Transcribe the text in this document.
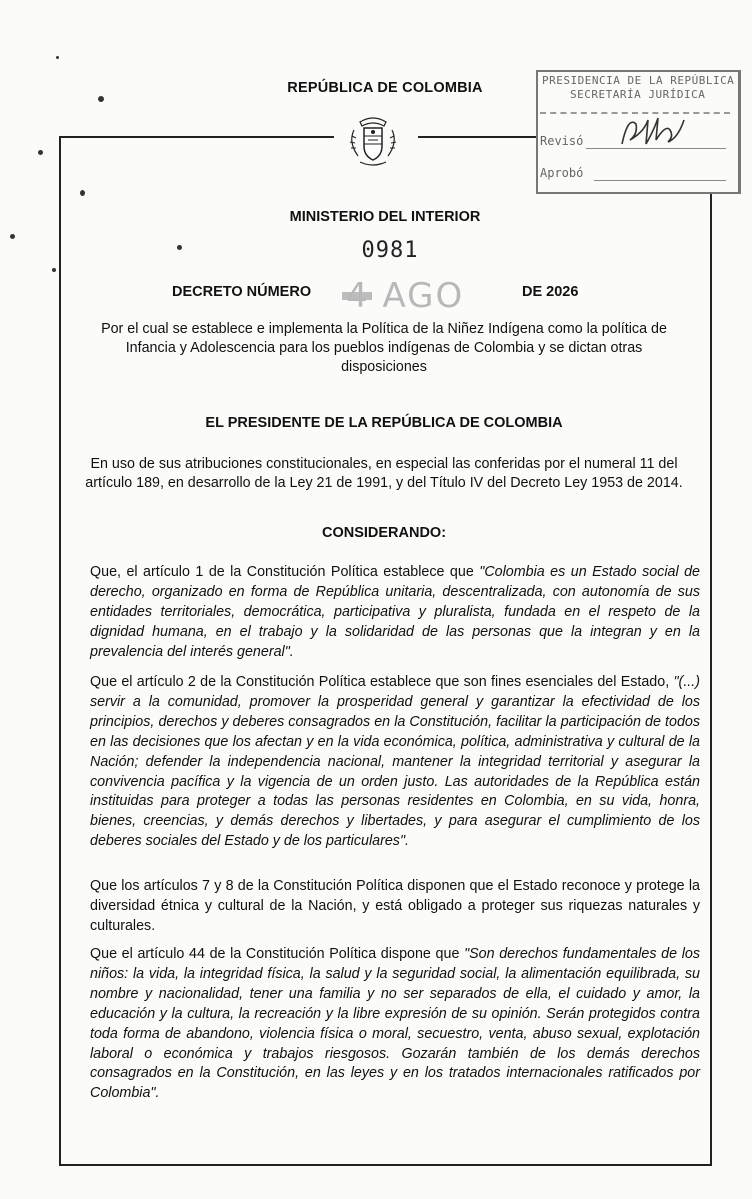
REPÚBLICA DE COLOMBIA	PRESIDENCIA DE LA REPÚBLICA
SECRETARÍA JURÍDICA
Revisó
Aprobó
MINISTERIO DEL INTERIOR
0981
DECRETO NÚMERO 4 AGO	DE 2026
Por el cual se establece e implementa la Política de la Niñez Indígena como la política de Infancia y Adolescencia para los pueblos indígenas de Colombia y se dictan otras disposiciones
EL PRESIDENTE DE LA REPÚBLICA DE COLOMBIA
En uso de sus atribuciones constitucionales, en especial las conferidas por el numeral 11 del artículo 189, en desarrollo de la Ley 21 de 1991, y del Título IV del Decreto Ley 1953 de 2014.
CONSIDERANDO:
Que, el artículo 1 de la Constitución Política establece que "Colombia es un Estado social de derecho, organizado en forma de República unitaria, descentralizada, con autonomía de sus entidades territoriales, democrática, participativa y pluralista, fundada en el respeto de la dignidad humana, en el trabajo y la solidaridad de las personas que la integran y en la prevalencia del interés general".
Que el artículo 2 de la Constitución Política establece que son fines esenciales del Estado, "(...) servir a la comunidad, promover la prosperidad general y garantizar la efectividad de los principios, derechos y deberes consagrados en la Constitución, facilitar la participación de todos en las decisiones que los afectan y en la vida económica, política, administrativa y cultural de la Nación; defender la independencia nacional, mantener la integridad territorial y asegurar la convivencia pacífica y la vigencia de un orden justo. Las autoridades de la República están instituidas para proteger a todas las personas residentes en Colombia, en su vida, honra, bienes, creencias, y demás derechos y libertades, y para asegurar el cumplimiento de los deberes sociales del Estado y de los particulares".
Que los artículos 7 y 8 de la Constitución Política disponen que el Estado reconoce y protege la diversidad étnica y cultural de la Nación, y está obligado a proteger sus riquezas naturales y culturales.
Que el artículo 44 de la Constitución Política dispone que "Son derechos fundamentales de los niños: la vida, la integridad física, la salud y la seguridad social, la alimentación equilibrada, su nombre y nacionalidad, tener una familia y no ser separados de ella, el cuidado y amor, la educación y la cultura, la recreación y la libre expresión de su opinión. Serán protegidos contra toda forma de abandono, violencia física o moral, secuestro, venta, abuso sexual, explotación laboral o económica y trabajos riesgosos. Gozarán también de los demás derechos consagrados en la Constitución, en las leyes y en los tratados internacionales ratificados por Colombia".
